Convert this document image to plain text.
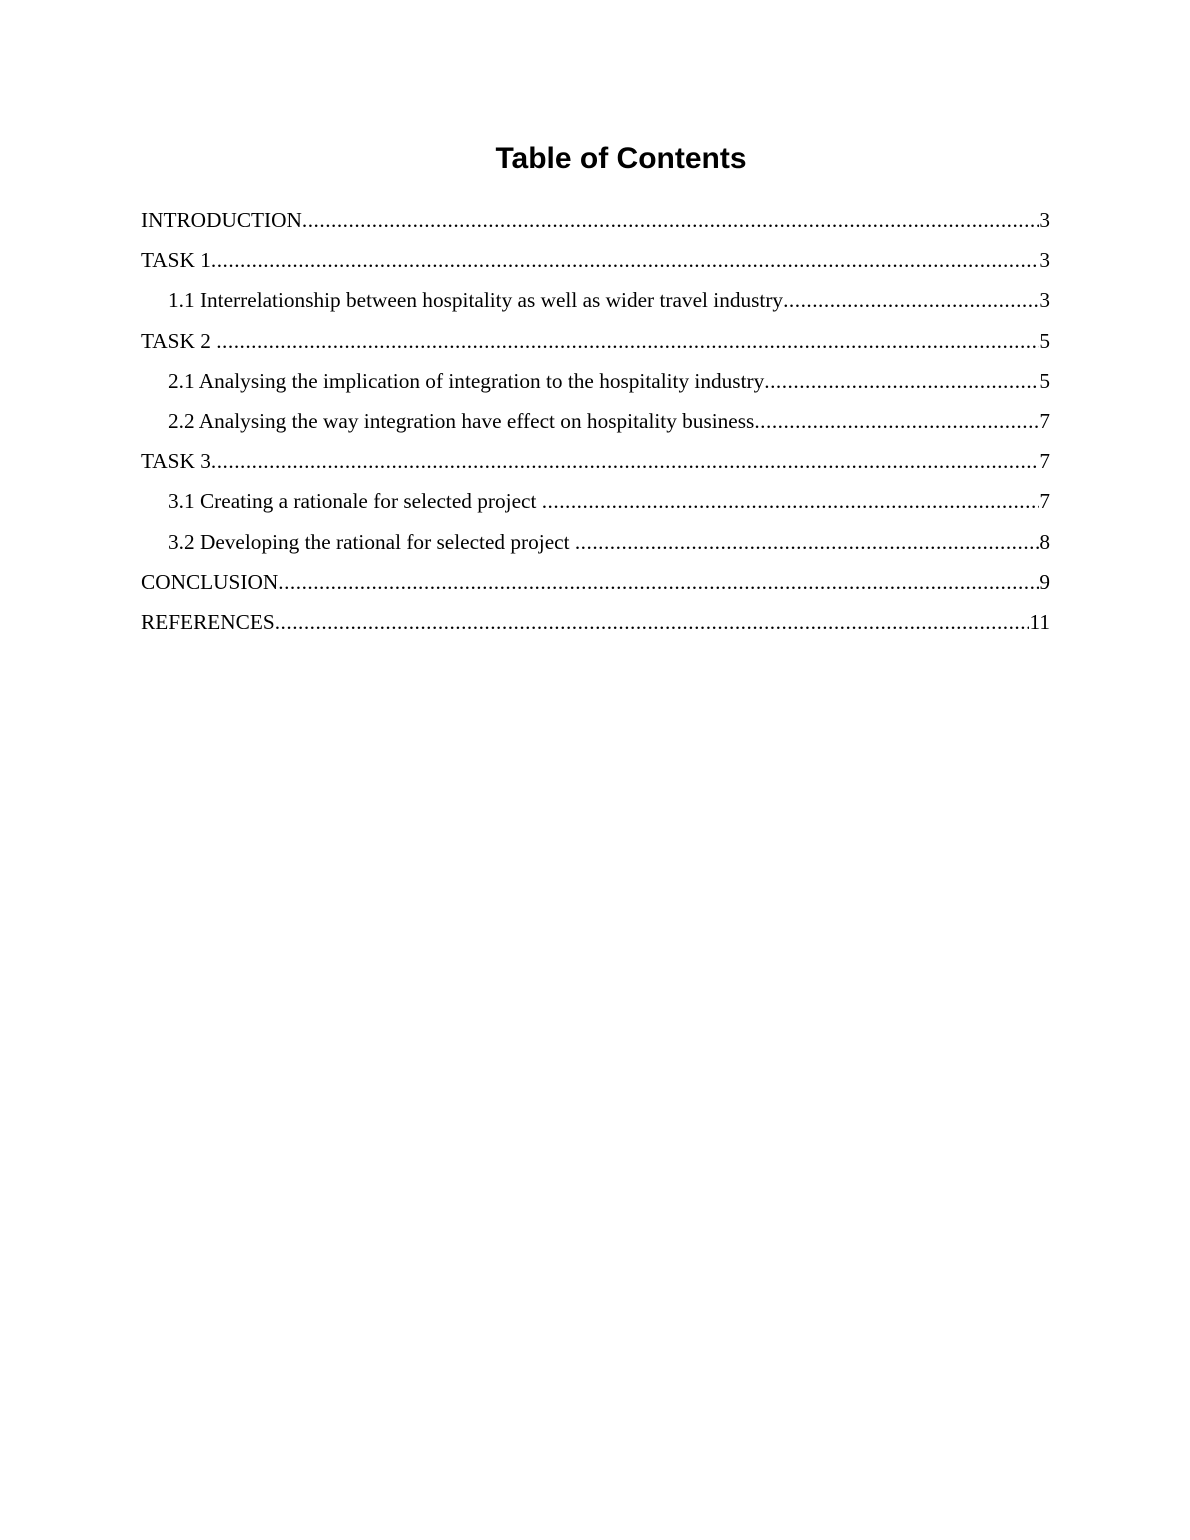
Table of Contents
INTRODUCTION .....	3
TASK 1 .....	3
1.1 Interrelationship between hospitality as well as wider travel industry .....	3
TASK 2 .....	5
2.1 Analysing the implication of integration to the hospitality industry .....	5
2.2 Analysing the way integration have effect on hospitality business .....	7
TASK 3 .....	7
3.1 Creating a rationale for selected project .....	7
3.2 Developing the rational for selected project .....	8
CONCLUSION .....	9
REFERENCES .....	11
